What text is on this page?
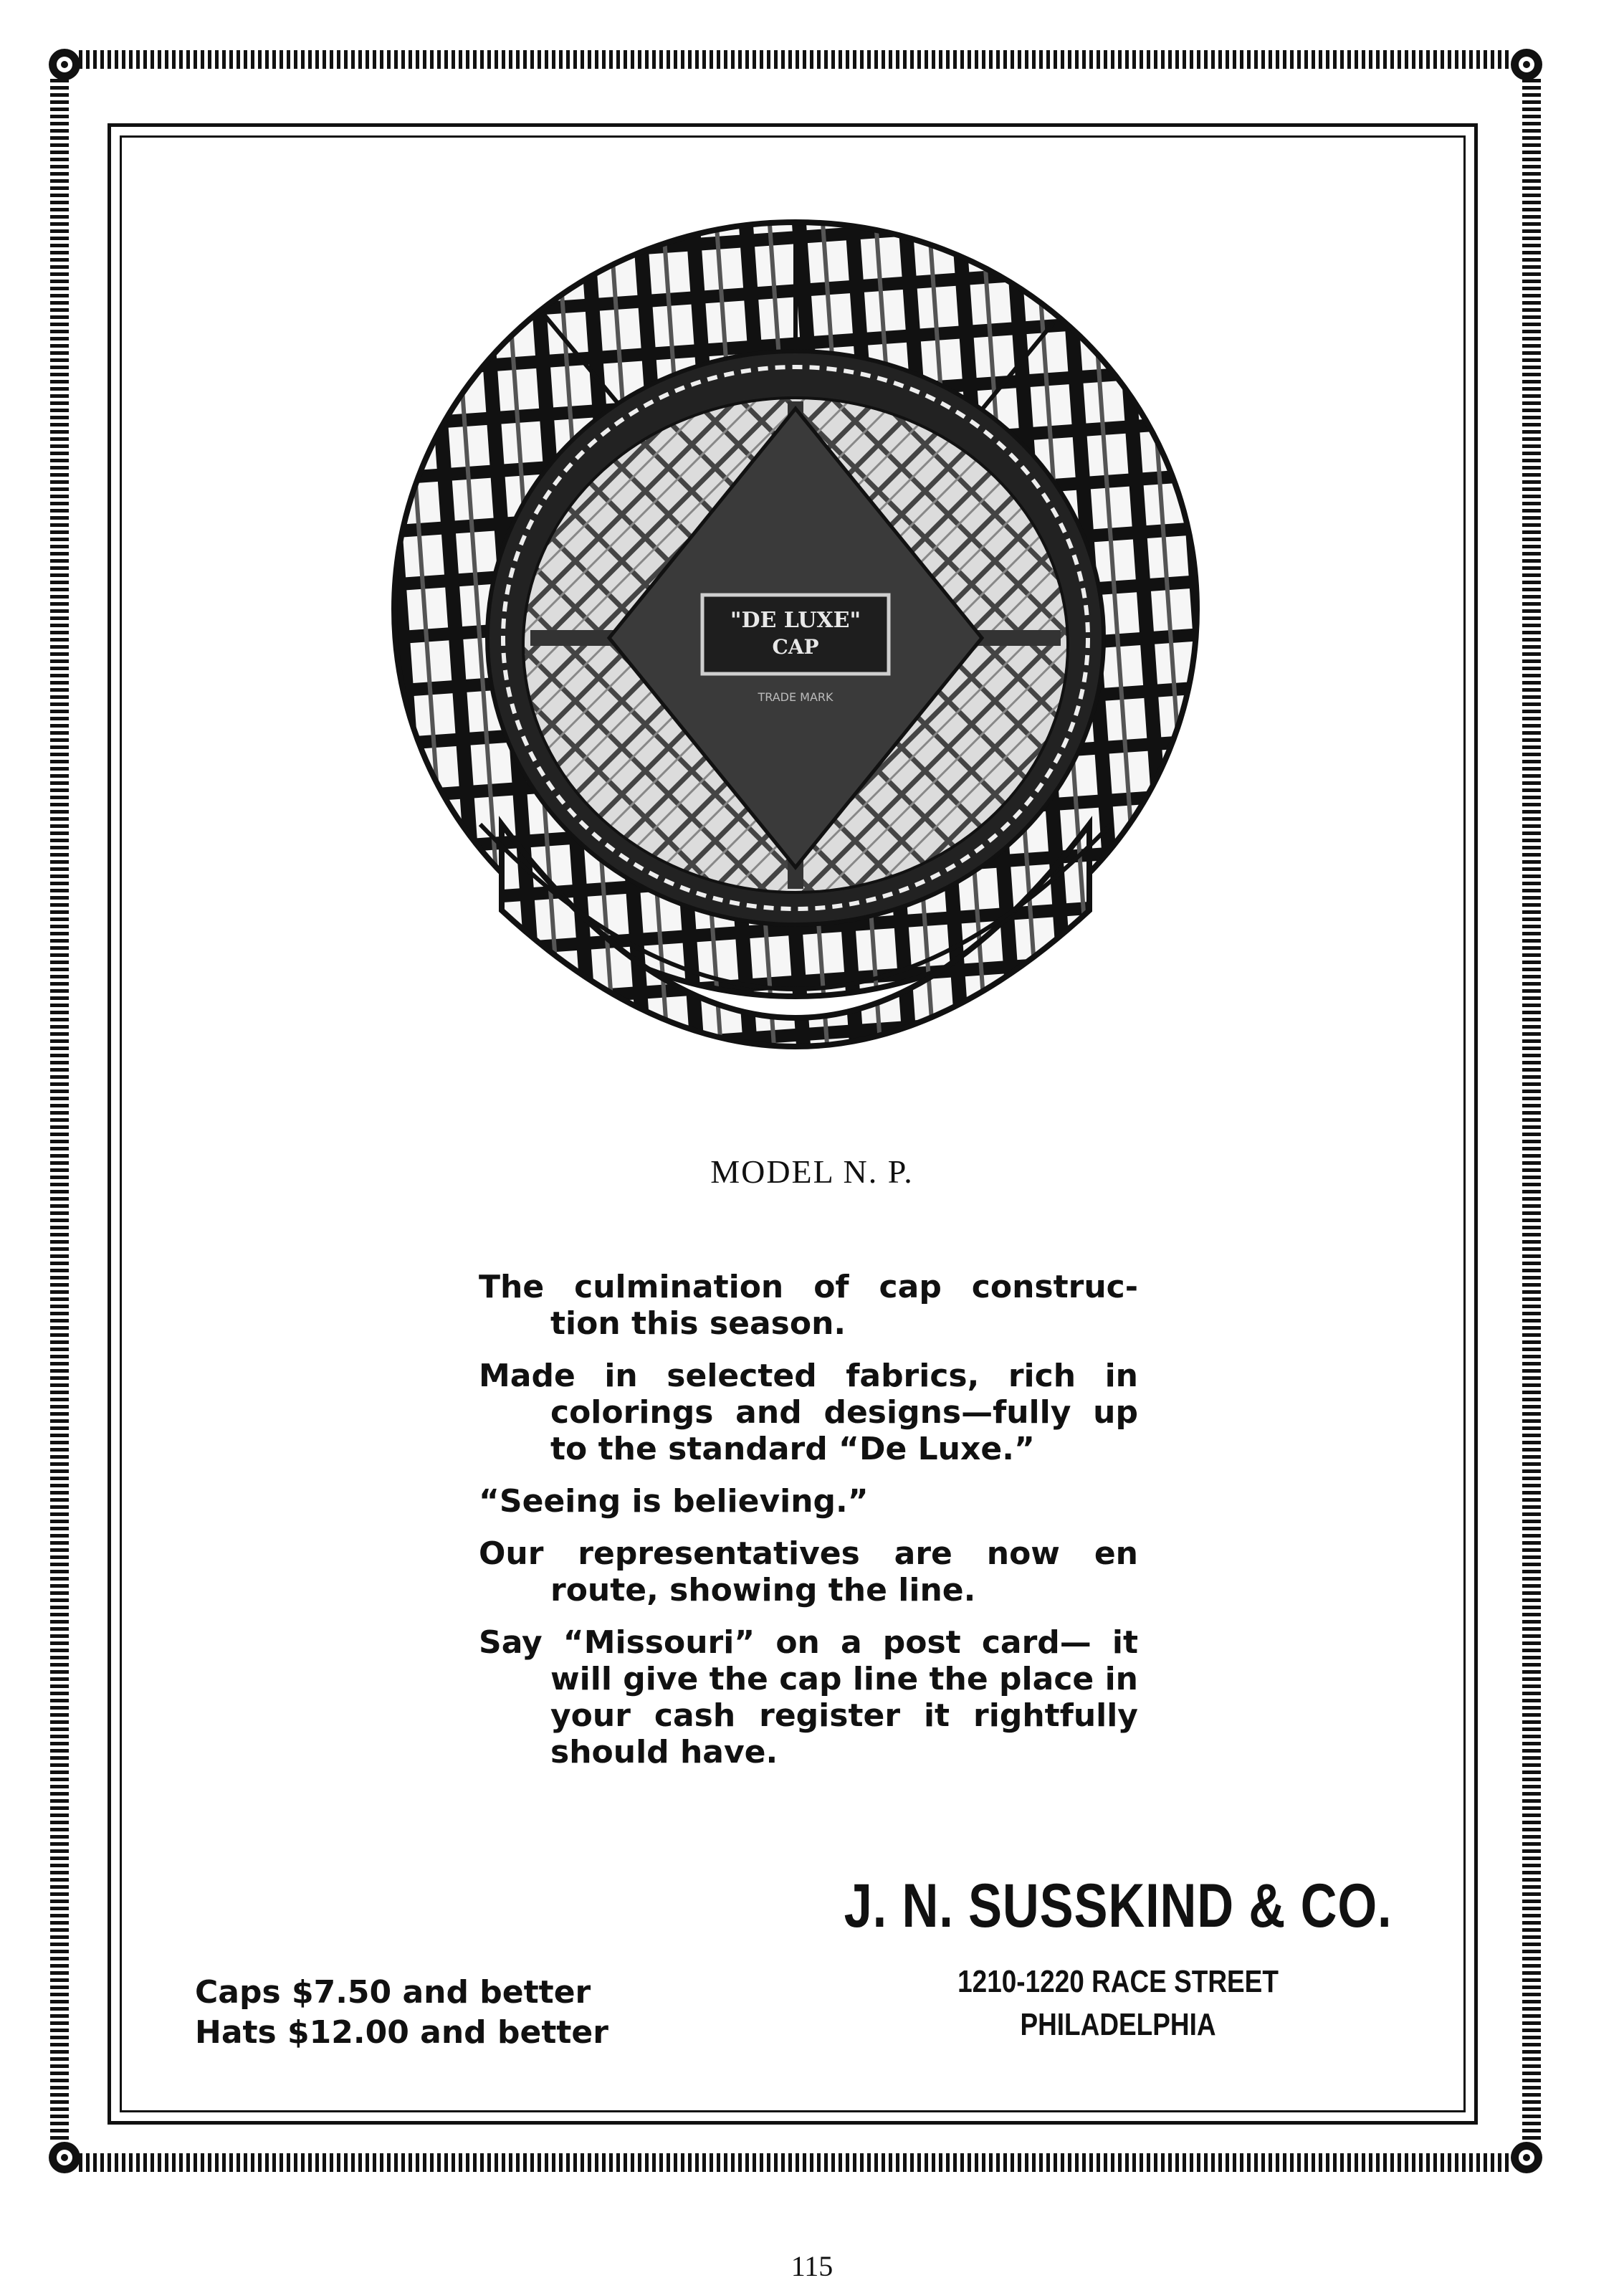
"DE LUXE"
CAP
TRADE MARK
MODEL N. P.

The culmination of cap construc- tion this season.

Made in selected fabrics, rich in colorings and designs—fully up to the standard “De Luxe.”

“Seeing is believing.”

Our representatives are now en route, showing the line.

Say “Missouri” on a post card— it will give the cap line the place in your cash register it rightfully should have.

J. N. SUSSKIND & CO.
1210-1220 RACE STREET
PHILADELPHIA
Caps $7.50 and better
Hats $12.00 and better
115
